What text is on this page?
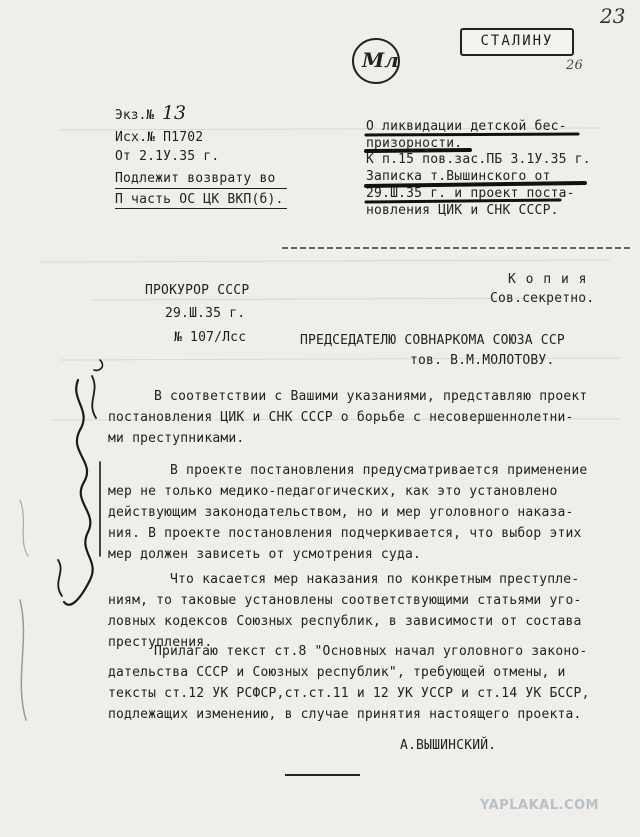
23
СТАЛИНУ
26
Мл
Экз.№ 13
Исх.№ П1702
От 2.1У.35 г.
Подлежит возврату во
П часть ОС ЦК ВКП(б).
О ликвидации детской бес-
призорности.
К п.15 пов.зас.ПБ 3.1У.35 г.
Записка т.Вышинского от
29.Ш.35 г. и проект поста-
новления ЦИК и СНК СССР.
ПРОКУРОР СССР
29.Ш.35 г.
№ 107/Лсс
К о п и я
Сов.секретно.
ПРЕДСЕДАТЕЛЮ СОВНАРКОМА СОЮЗА ССР
тов. В.М.МОЛОТОВУ.
В соответствии с Вашими указаниями, представляю проект
постановления ЦИК и СНК СССР о борьбе с несовершеннолетни-
ми преступниками.
В проекте постановления предусматривается применение
мер не только медико-педагогических, как это установлено
действующим законодательством, но и мер уголовного наказа-
ния. В проекте постановления подчеркивается, что выбор этих
мер должен зависеть от усмотрения суда.
Что касается мер наказания по конкретным преступле-
ниям, то таковые установлены соответствующими статьями уго-
ловных кодексов Союзных республик, в зависимости от состава
преступления.
Прилагаю текст ст.8 "Основных начал уголовного законо-
дательства СССР и Союзных республик", требующей отмены, и
тексты ст.12 УК РСФСР,ст.ст.11 и 12 УК УССР и ст.14 УК БССР,
подлежащих изменению, в случае принятия настоящего проекта.
А.ВЫШИНСКИЙ.
YAPLAKAL.COM
